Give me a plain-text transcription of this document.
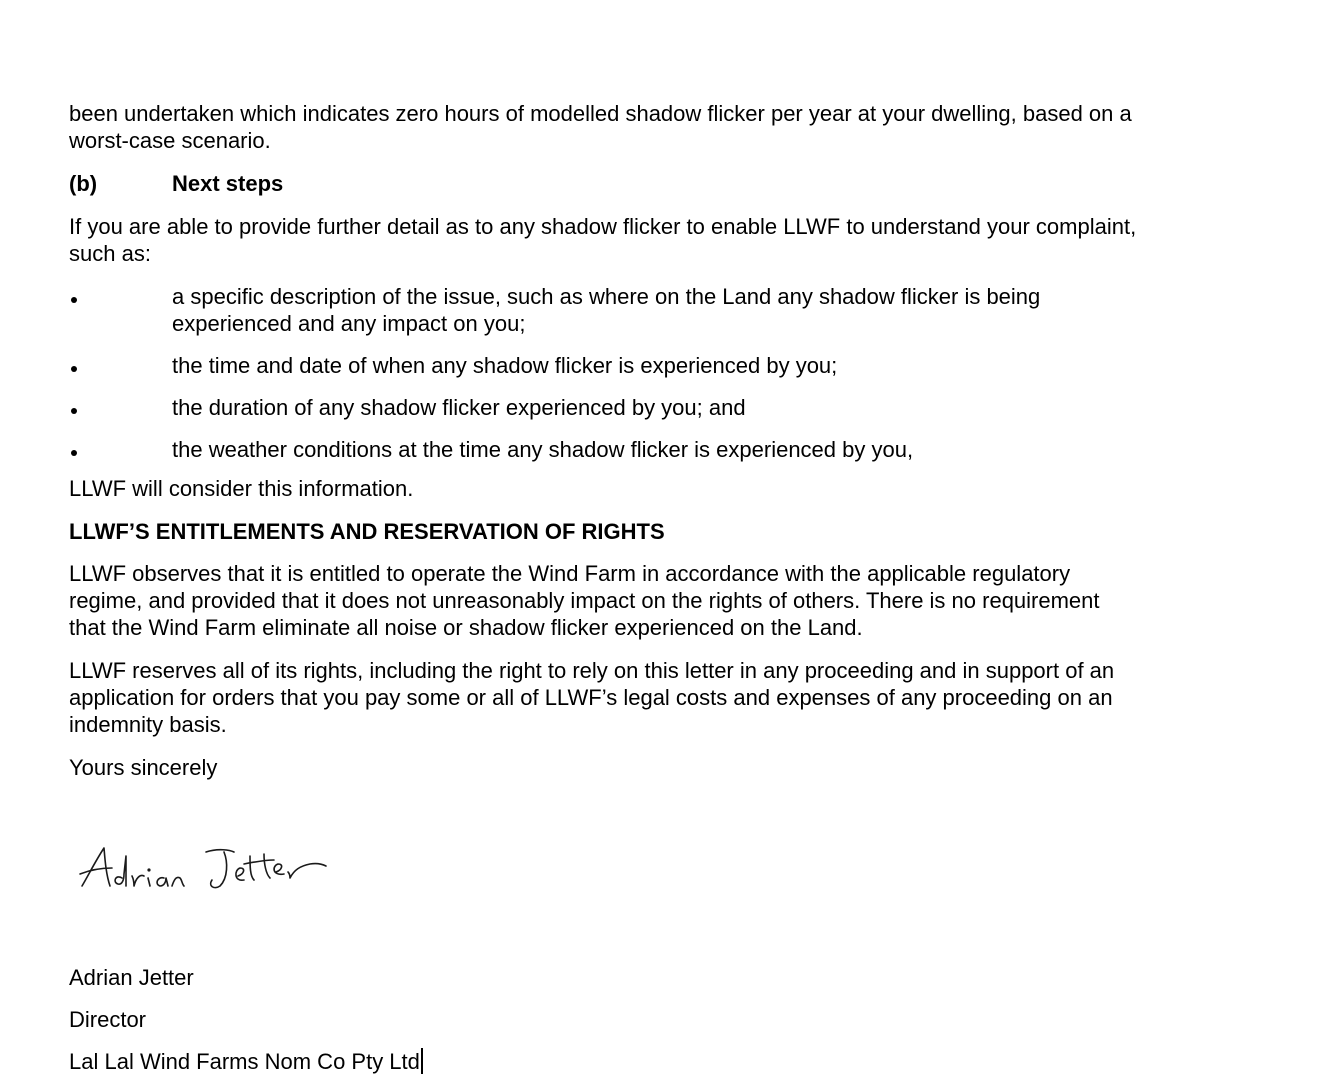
been undertaken which indicates zero hours of modelled shadow flicker per year at your dwelling, based on a worst-case scenario.

(b)	Next steps

If you are able to provide further detail as to any shadow flicker to enable LLWF to understand your complaint, such as:

a specific description of the issue, such as where on the Land any shadow flicker is being experienced and any impact on you;
the time and date of when any shadow flicker is experienced by you;
the duration of any shadow flicker experienced by you; and
the weather conditions at the time any shadow flicker is experienced by you,

LLWF will consider this information.

LLWF’S ENTITLEMENTS AND RESERVATION OF RIGHTS

LLWF observes that it is entitled to operate the Wind Farm in accordance with the applicable regulatory regime, and provided that it does not unreasonably impact on the rights of others. There is no requirement that the Wind Farm eliminate all noise or shadow flicker experienced on the Land.

LLWF reserves all of its rights, including the right to rely on this letter in any proceeding and in support of an application for orders that you pay some or all of LLWF’s legal costs and expenses of any proceeding on an indemnity basis.

Yours sincerely

Adrian Jetter

Director

Lal Lal Wind Farms Nom Co Pty Ltd
